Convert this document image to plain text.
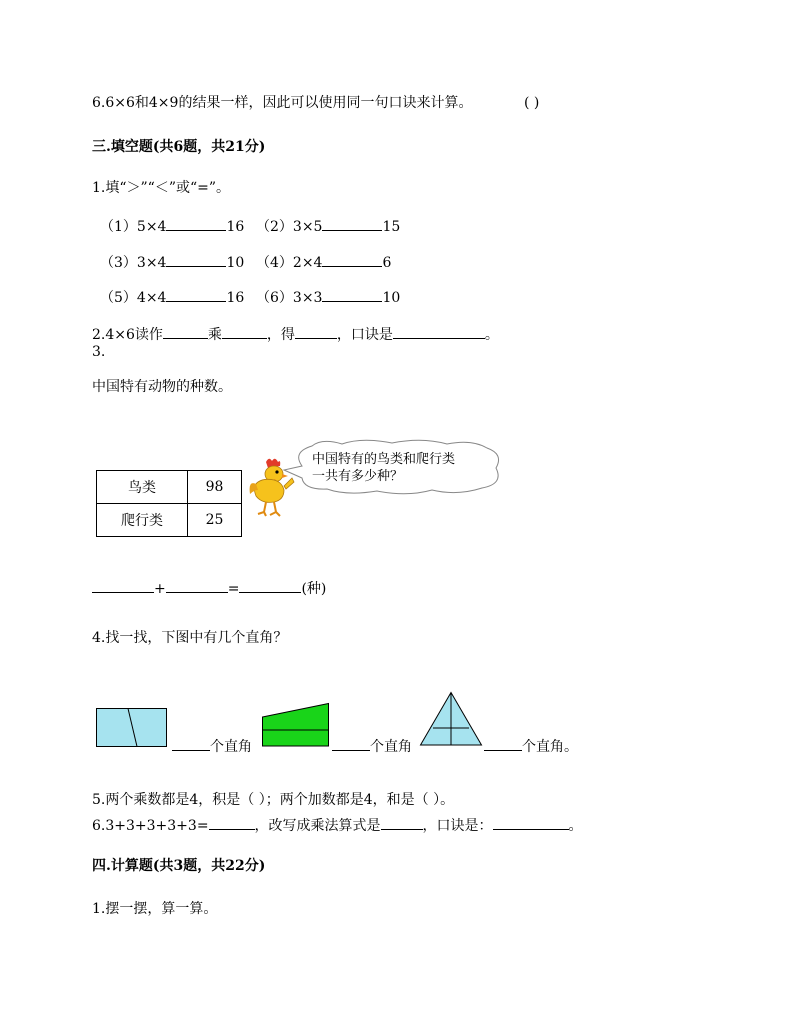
6.6×6和4×9的结果一样，因此可以使用同一句口诀来计算。	( )
三.填空题(共6题，共21分)
1.填“＞”“＜”或“=”。
（1）5×4	16 （2）3×5	15
（3）3×4	10 （4）2×4	6
（5）4×4	16 （6）3×3	10
2.4×6读作	乘	，得	，口诀是	。
3.
中国特有动物的种数。
鸟类	98
爬行类	25
中国特有的鸟类和爬行类
一共有多少种？
+	=	(种)
4.找一找，下图中有几个直角？
个直角	个直角	个直角。
5.两个乘数都是4，积是（ ）；两个加数都是4，和是（ ）。
6.3+3+3+3+3=	，改写成乘法算式是	，口诀是：	。
四.计算题(共3题，共22分)
1.摆一摆，算一算。
